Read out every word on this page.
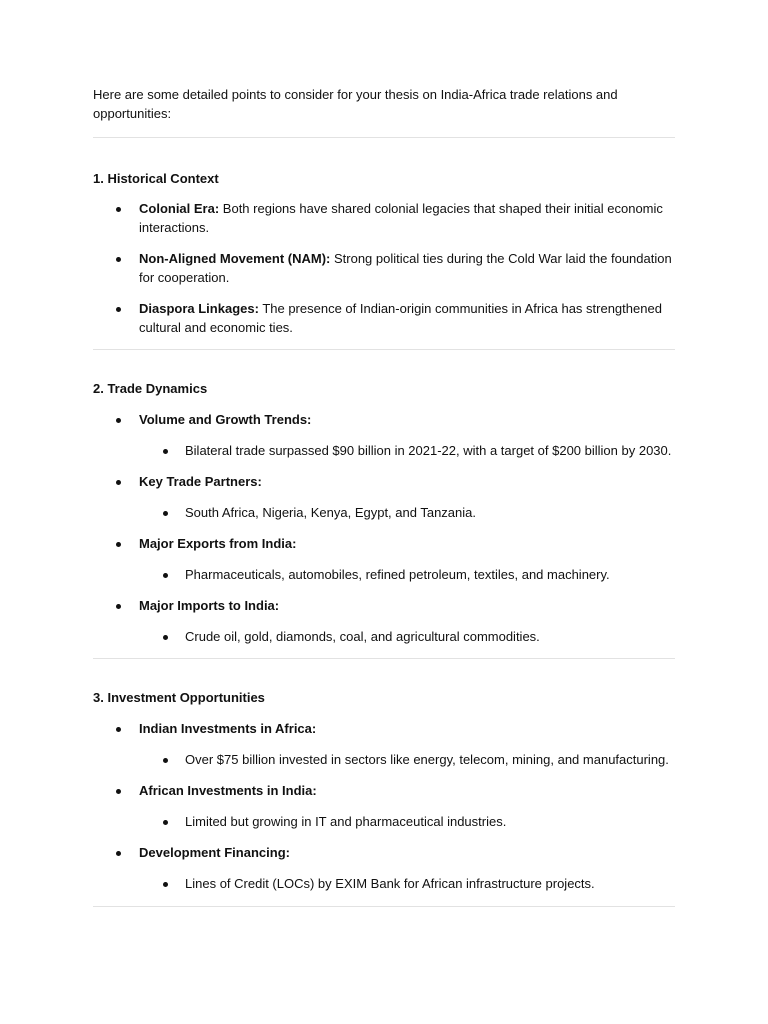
Here are some detailed points to consider for your thesis on India-Africa trade relations and opportunities:

1. Historical Context

Colonial Era: Both regions have shared colonial legacies that shaped their initial economic interactions.
Non-Aligned Movement (NAM): Strong political ties during the Cold War laid the foundation for cooperation.
Diaspora Linkages: The presence of Indian-origin communities in Africa has strengthened cultural and economic ties.

2. Trade Dynamics

Volume and Growth Trends:
Bilateral trade surpassed $90 billion in 2021-22, with a target of $200 billion by 2030.
Key Trade Partners:
South Africa, Nigeria, Kenya, Egypt, and Tanzania.
Major Exports from India:
Pharmaceuticals, automobiles, refined petroleum, textiles, and machinery.
Major Imports to India:
Crude oil, gold, diamonds, coal, and agricultural commodities.

3. Investment Opportunities

Indian Investments in Africa:
Over $75 billion invested in sectors like energy, telecom, mining, and manufacturing.
African Investments in India:
Limited but growing in IT and pharmaceutical industries.
Development Financing:
Lines of Credit (LOCs) by EXIM Bank for African infrastructure projects.
